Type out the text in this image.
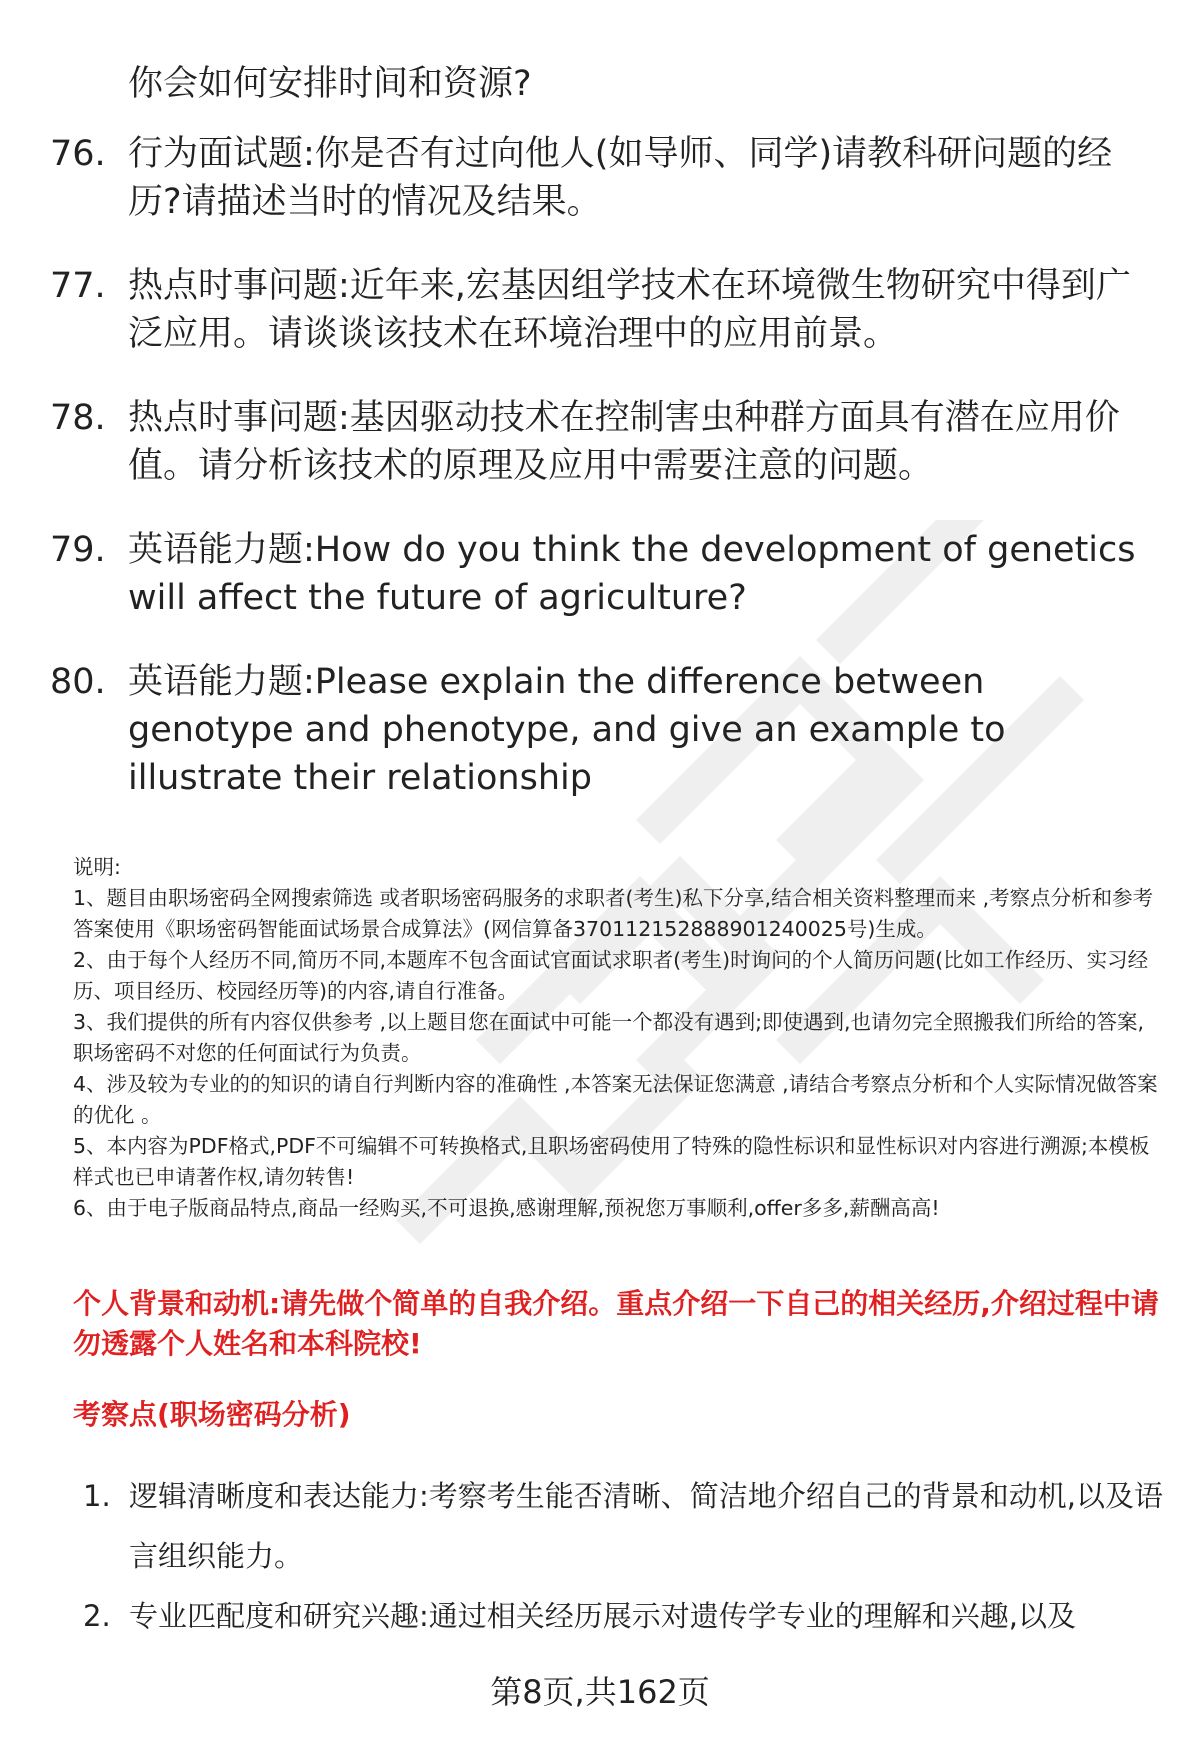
你会如何安排时间和资源?
76. 行为面试题:你是否有过向他人(如导师、同学)请教科研问题的经历?请描述当时的情况及结果。
77. 热点时事问题:近年来,宏基因组学技术在环境微生物研究中得到广泛应用。请谈谈该技术在环境治理中的应用前景。
78. 热点时事问题:基因驱动技术在控制害虫种群方面具有潜在应用价值。请分析该技术的原理及应用中需要注意的问题。
79. 英语能力题:How do you think the development of genetics will affect the future of agriculture?
80. 英语能力题:Please explain the difference between genotype and phenotype, and give an example to illustrate their relationship

说明:

1、题目由职场密码全网搜索筛选 或者职场密码服务的求职者(考生)私下分享,结合相关资料整理而来 ,考察点分析和参考答案使用《职场密码智能面试场景合成算法》(网信算备370112152888901240025号)生成。

2、由于每个人经历不同,简历不同,本题库不包含面试官面试求职者(考生)时询问的个人简历问题(比如工作经历、实习经历、项目经历、校园经历等)的内容,请自行准备。

3、我们提供的所有内容仅供参考 ,以上题目您在面试中可能一个都没有遇到;即使遇到,也请勿完全照搬我们所给的答案,职场密码不对您的任何面试行为负责。

4、涉及较为专业的的知识的请自行判断内容的准确性 ,本答案无法保证您满意 ,请结合考察点分析和个人实际情况做答案的优化 。

5、本内容为PDF格式,PDF不可编辑不可转换格式,且职场密码使用了特殊的隐性标识和显性标识对内容进行溯源;本模板样式也已申请著作权,请勿转售!

6、由于电子版商品特点,商品一经购买,不可退换,感谢理解,预祝您万事顺利,offer多多,薪酬高高!

个人背景和动机:请先做个简单的自我介绍。重点介绍一下自己的相关经历,介绍过程中请勿透露个人姓名和本科院校!
考察点(职场密码分析)
1. 逻辑清晰度和表达能力:考察考生能否清晰、简洁地介绍自己的背景和动机,以及语言组织能力。
2. 专业匹配度和研究兴趣:通过相关经历展示对遗传学专业的理解和兴趣,以及
第8页,共162页
